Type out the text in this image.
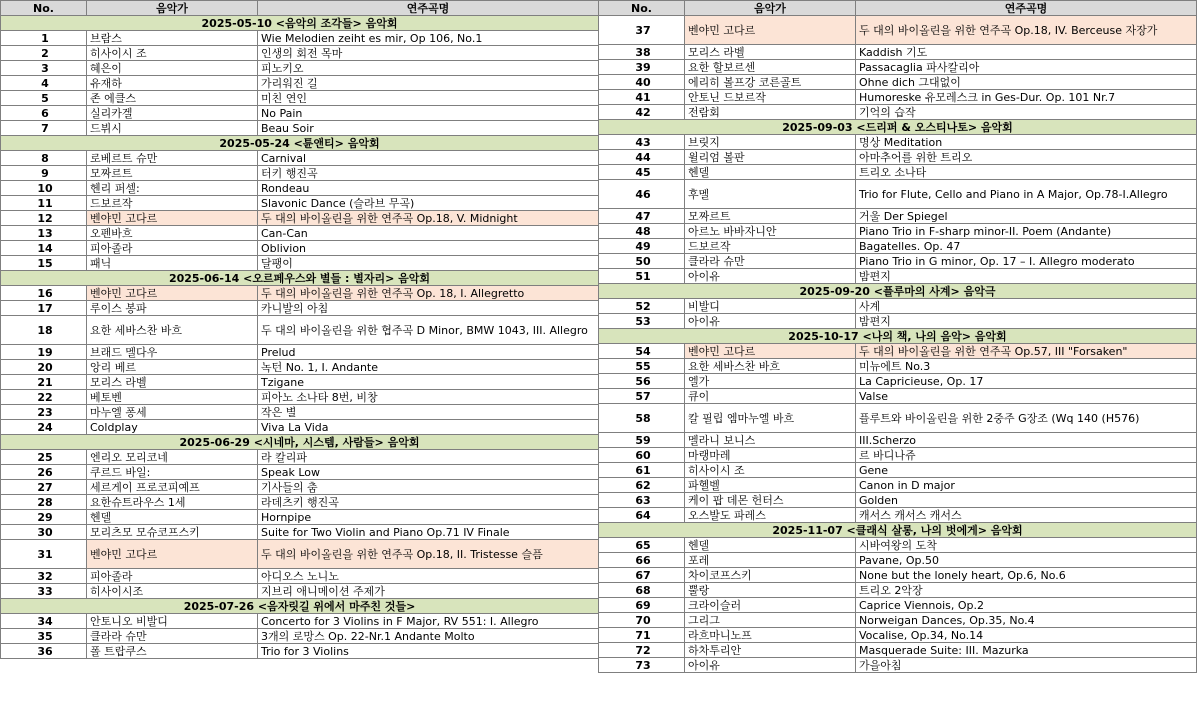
No.	음악가	연주곡명
2025-05-10 <음악의 조각들> 음악회		
1	브람스	Wie Melodien zeiht es mir, Op 106, No.1
2	히사이시 조	인생의 회전 목마
3	혜은이	피노키오
4	유재하	가리워진 길
5	존 에클스	미친 연인
6	실리카겔	No Pain
7	드뷔시	Beau Soir
2025-05-24 <튠앤티> 음악회		
8	로베르트 슈만	Carnival
9	모짜르트	터키 행진곡
10	헨리 퍼셀:	Rondeau
11	드보르작	Slavonic Dance (슬라브 무곡)
12	벤야민 고다르	두 대의 바이올린을 위한 연주곡 Op.18, V. Midnight
13	오펜바흐	Can-Can
14	피아졸라	Oblivion
15	패닉	달팽이
2025-06-14 <오르페우스와 별들 : 별자리> 음악회		
16	벤야민 고다르	두 대의 바이올린을 위한 연주곡 Op. 18, I. Allegretto
17	루이스 봉파	카니발의 아침
18	요한 세바스찬 바흐	두 대의 바이올린을 위한 협주곡 D Minor, BMW 1043, III. Allegro
19	브래드 멜다우	Prelud
20	앙리 베르	녹턴 No. 1, I. Andante
21	모리스 라벨	Tzigane
22	베토벤	피아노 소나타 8번, 비창
23	마누엘 퐁세	작은 별
24	Coldplay	Viva La Vida
2025-06-29 <시네마, 시스템, 사람들> 음악회		
25	엔리오 모리코네	라 칼리파
26	쿠르드 바일:	Speak Low
27	세르게이 프로코피예프	기사들의 춤
28	요한슈트라우스 1세	라데츠키 행진곡
29	헨델	Hornpipe
30	모리츠모 모슈코프스키	Suite for Two Violin and Piano Op.71 IV Finale
31	벤야민 고다르	두 대의 바이올린을 위한 연주곡 Op.18, II. Tristesse 슬픔
32	피아졸라	아디오스 노니노
33	히사이시조	지브리 애니메이션 주제가
2025-07-26 <음자릿길 위에서 마주친 것들>		
34	안토니오 비발디	Concerto for 3 Violins in F Major, RV 551: I. Allegro
35	클라라 슈만	3개의 로망스 Op. 22-Nr.1 Andante Molto
36	폴 트랍쿠스	Trio for 3 Violins
No.	음악가	연주곡명
37	벤야민 고다르	두 대의 바이올린을 위한 연주곡 Op.18, IV. Berceuse 자장가
38	모리스 라벨	Kaddish 기도
39	요한 할보르센	Passacaglia 파사칼리아
40	에리히 볼프강 코른골트	Ohne dich 그대없이
41	안토닌 드보르작	Humoreske 유모레스크 in Ges-Dur. Op. 101 Nr.7
42	전람회	기억의 습작
2025-09-03 <드리퍼 & 오스티나토> 음악회		
43	브릿지	명상 Meditation
44	윌리엄 볼판	아마추어를 위한 트리오
45	헨델	트리오 소나타
46	후멜	Trio for Flute, Cello and Piano in A Major, Op.78-I.Allegro
47	모짜르트	거울 Der Spiegel
48	아르노 바바자니안	Piano Trio in F-sharp minor-II. Poem (Andante)
49	드보르작	Bagatelles. Op. 47
50	클라라 슈만	Piano Trio in G minor, Op. 17 – I. Allegro moderato
51	아이유	밤편지
2025-09-20 <플루마의 사계> 음악극		
52	비발디	사계
53	아이유	밤편지
2025-10-17 <나의 책, 나의 음악> 음악회		
54	벤야민 고다르	두 대의 바이올린을 위한 연주곡 Op.57, III "Forsaken"
55	요한 세바스찬 바흐	미뉴에트 No.3
56	엘가	La Capricieuse, Op. 17
57	큐이	Valse
58	칼 필립 엠마누엘 바흐	플루트와 바이올린을 위한 2중주 G장조 (Wq 140 (H576)
59	멜라니 보니스	III.Scherzo
60	마랭마레	르 바디나쥬
61	히사이시 조	Gene
62	파헬벨	Canon in D major
63	케이 팝 데몬 헌터스	Golden
64	오스발도 파레스	캐서스 캐서스 캐서스
2025-11-07 <클래식 살롱, 나의 벗에게> 음악회		
65	헨델	시바여왕의 도착
66	포레	Pavane, Op.50
67	차이코프스키	None but the lonely heart, Op.6, No.6
68	뿔랑	트리오 2악장
69	크라이슬러	Caprice Viennois, Op.2
70	그리그	Norweigan Dances, Op.35, No.4
71	라흐마니노프	Vocalise, Op.34, No.14
72	하차투리안	Masquerade Suite: III. Mazurka
73	아이유	가을아침
